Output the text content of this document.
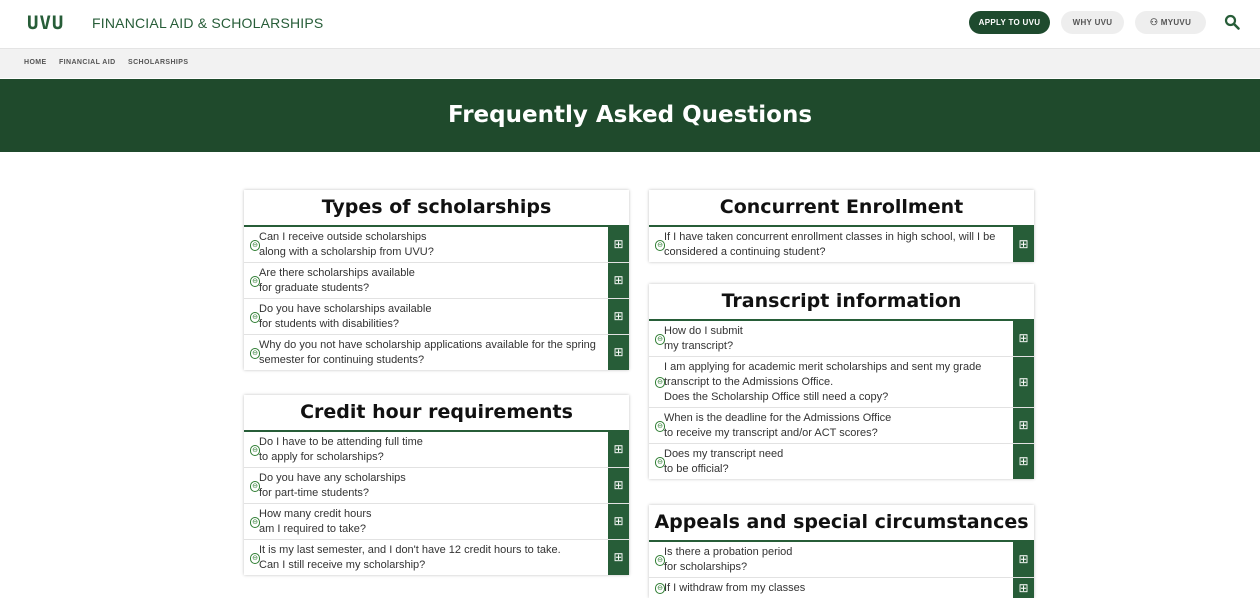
UVU FINANCIAL AID & SCHOLARSHIPS	APPLY TO UVU	WHY UVU	⚇ MYUVU
HOME FINANCIAL AID SCHOLARSHIPS
Frequently Asked Questions
Types of scholarships
⊖
Can I receive outside scholarships
along with a scholarship from UVU?
⊞
⊖
Are there scholarships available
for graduate students?
⊞
⊖
Do you have scholarships available
for students with disabilities?
⊞
⊖
Why do you not have scholarship applications available for the spring
semester for continuing students?
⊞
Credit hour requirements
⊖
Do I have to be attending full time
to apply for scholarships?
⊞
⊖
Do you have any scholarships
for part-time students?
⊞
⊖
How many credit hours
am I required to take?
⊞
⊖
It is my last semester, and I don't have 12 credit hours to take.
Can I still receive my scholarship?
⊞
Concurrent Enrollment
⊖
If I have taken concurrent enrollment classes in high school, will I be
considered a continuing student?
⊞
Transcript information
⊖
How do I submit
my transcript?
⊞
⊖
I am applying for academic merit scholarships and sent my grade
transcript to the Admissions Office.
Does the Scholarship Office still need a copy?
⊞
⊖
When is the deadline for the Admissions Office
to receive my transcript and/or ACT scores?
⊞
⊖
Does my transcript need
to be official?
⊞
Appeals and special circumstances
⊖
Is there a probation period
for scholarships?
⊞
⊖ If I withdraw from my classes	⊞
